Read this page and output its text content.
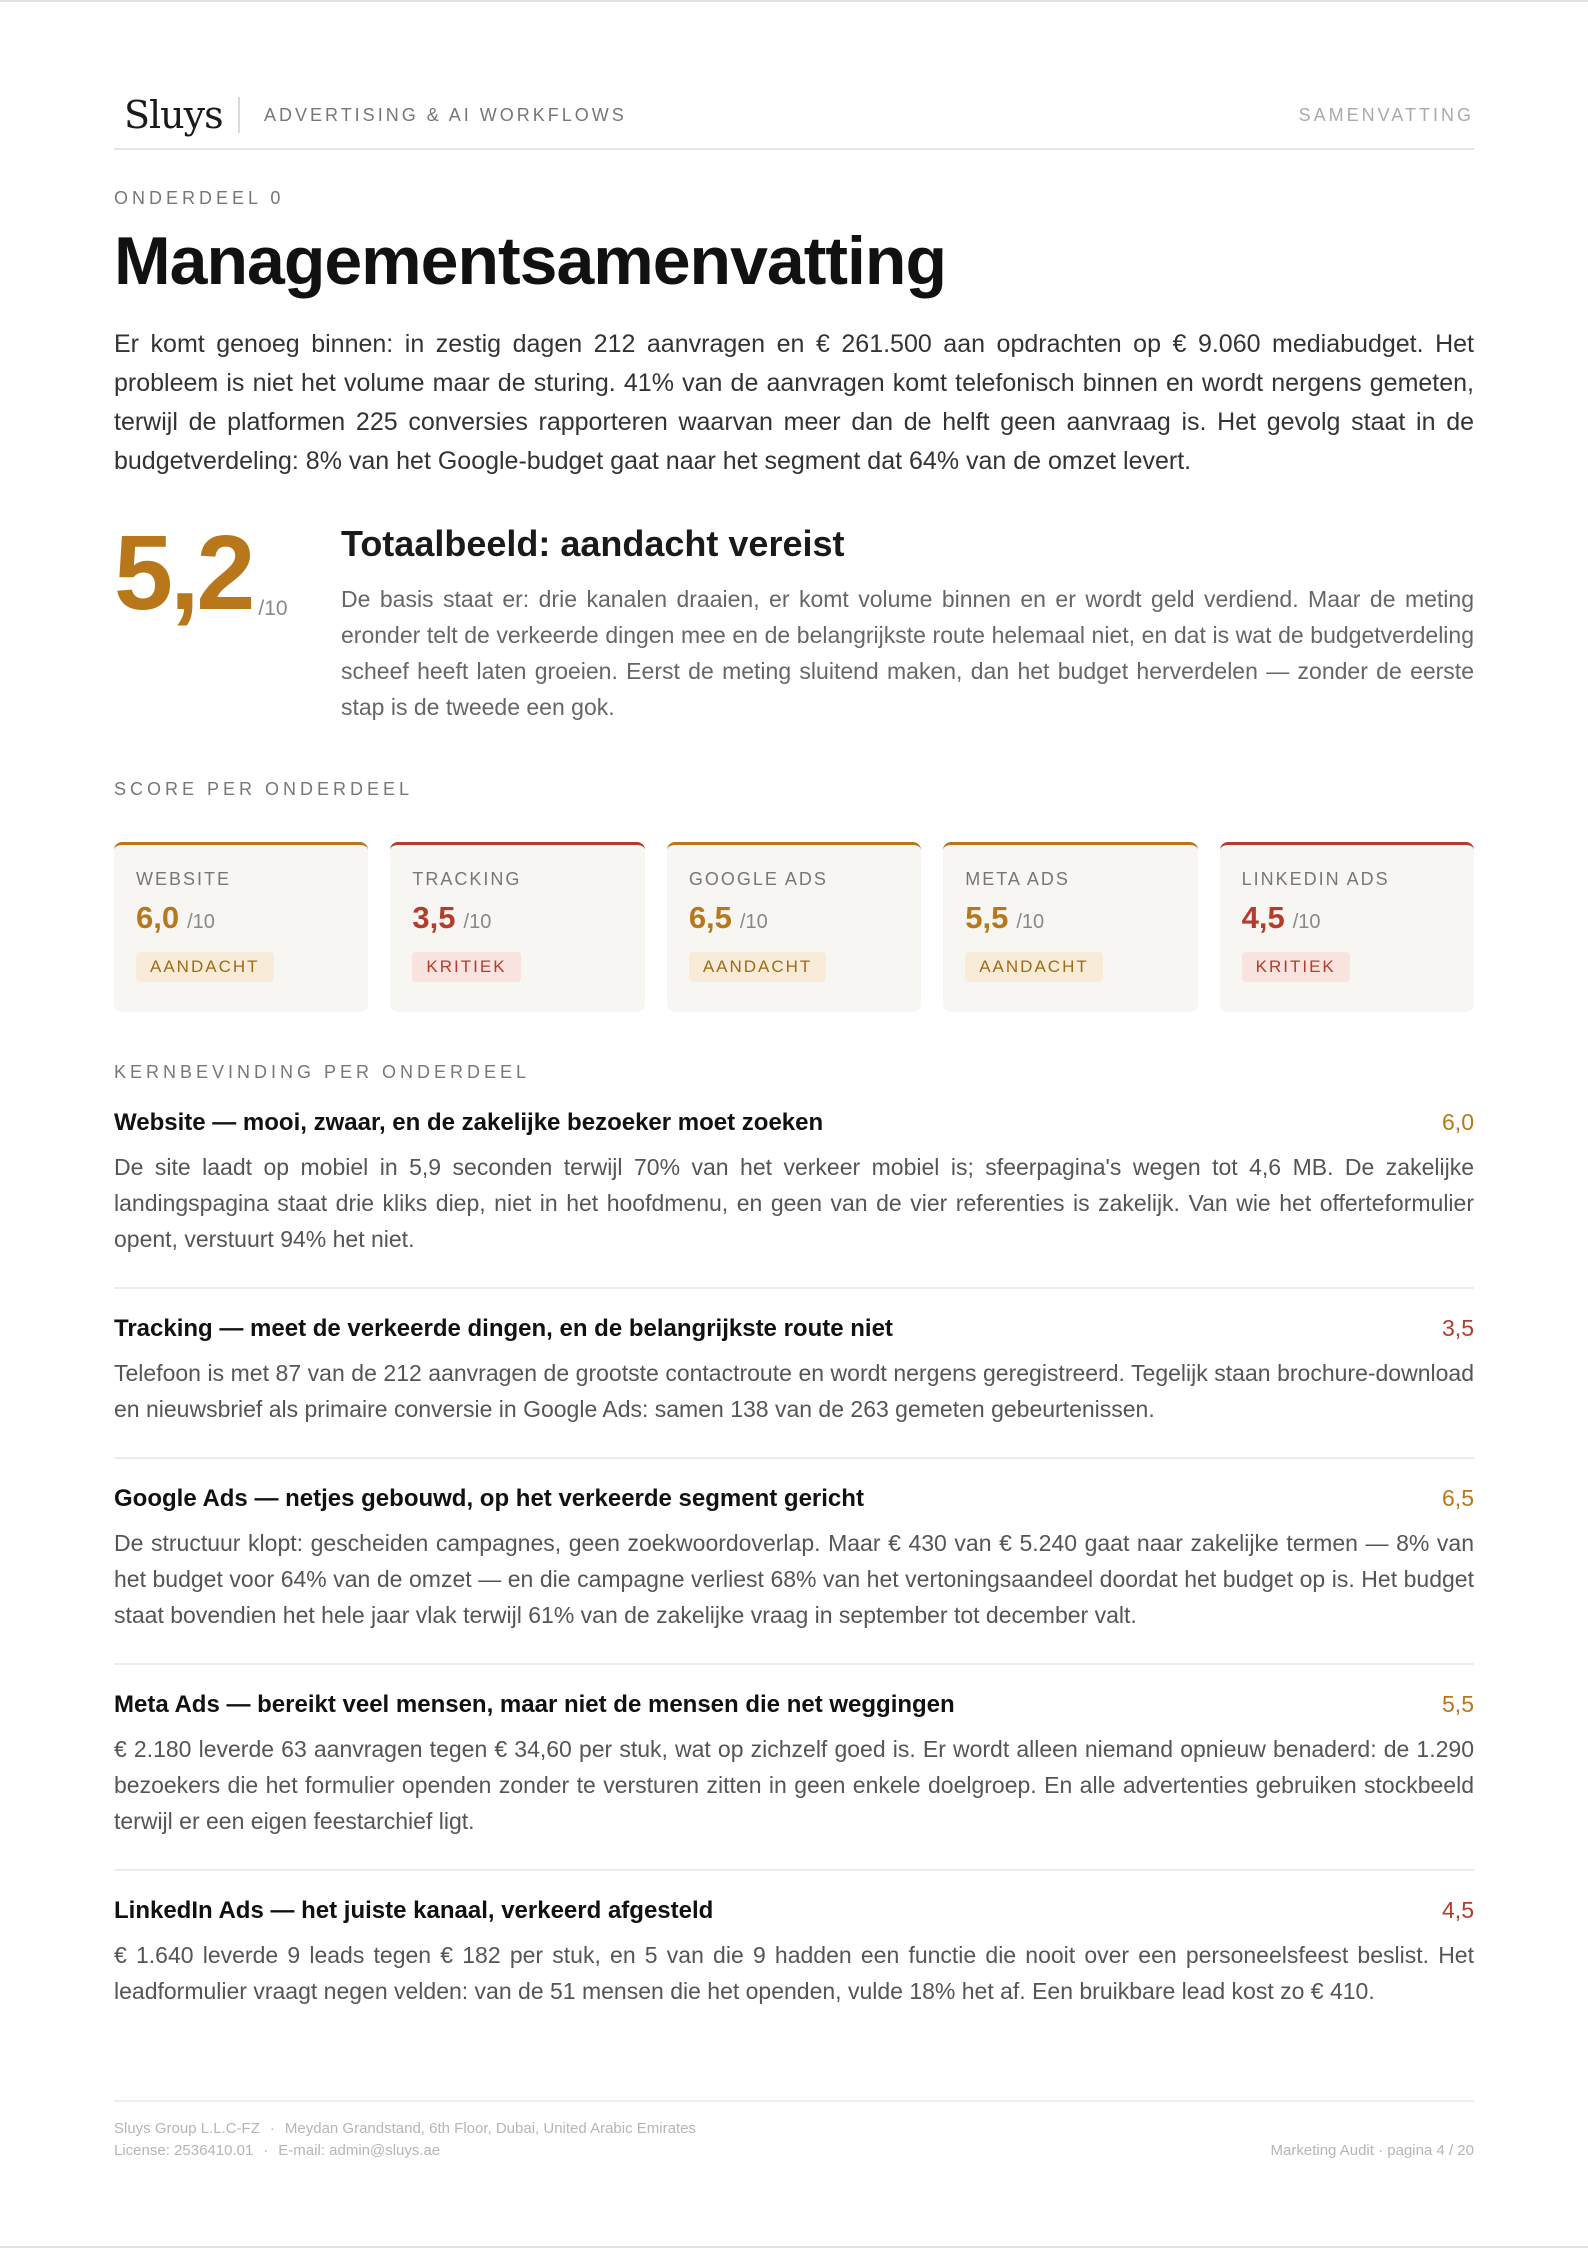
Sluys	ADVERTISING & AI WORKFLOWS	SAMENVATTING
ONDERDEEL 0
Managementsamenvatting

Er komt genoeg binnen: in zestig dagen 212 aanvragen en € 261.500 aan opdrachten op € 9.060 mediabudget. Het probleem is niet het volume maar de sturing. 41% van de aanvragen komt telefonisch binnen en wordt nergens gemeten, terwijl de platformen 225 conversies rapporteren waarvan meer dan de helft geen aanvraag is. Het gevolg staat in de budgetverdeling: 8% van het Google-budget gaat naar het segment dat 64% van de omzet levert.

5,2 /10
Totaalbeeld: aandacht vereist

De basis staat er: drie kanalen draaien, er komt volume binnen en er wordt geld verdiend. Maar de meting eronder telt de verkeerde dingen mee en de belangrijkste route helemaal niet, en dat is wat de budgetverdeling scheef heeft laten groeien. Eerst de meting sluitend maken, dan het budget herverdelen — zonder de eerste stap is de tweede een gok.

SCORE PER ONDERDEEL
WEBSITE
6,0 /10
AANDACHT
TRACKING
3,5 /10
KRITIEK
GOOGLE ADS
6,5 /10
AANDACHT
META ADS
5,5 /10
AANDACHT
LINKEDIN ADS
4,5 /10
KRITIEK
KERNBEVINDING PER ONDERDEEL
Website — mooi, zwaar, en de zakelijke bezoeker moet zoeken	6,0

De site laadt op mobiel in 5,9 seconden terwijl 70% van het verkeer mobiel is; sfeerpagina's wegen tot 4,6 MB. De zakelijke landingspagina staat drie kliks diep, niet in het hoofdmenu, en geen van de vier referenties is zakelijk. Van wie het offerteformulier opent, verstuurt 94% het niet.

Tracking — meet de verkeerde dingen, en de belangrijkste route niet	3,5

Telefoon is met 87 van de 212 aanvragen de grootste contactroute en wordt nergens geregistreerd. Tegelijk staan brochure-download en nieuwsbrief als primaire conversie in Google Ads: samen 138 van de 263 gemeten gebeurtenissen.

Google Ads — netjes gebouwd, op het verkeerde segment gericht	6,5

De structuur klopt: gescheiden campagnes, geen zoekwoordoverlap. Maar € 430 van € 5.240 gaat naar zakelijke termen — 8% van het budget voor 64% van de omzet — en die campagne verliest 68% van het vertoningsaandeel doordat het budget op is. Het budget staat bovendien het hele jaar vlak terwijl 61% van de zakelijke vraag in september tot december valt.

Meta Ads — bereikt veel mensen, maar niet de mensen die net weggingen	5,5

€ 2.180 leverde 63 aanvragen tegen € 34,60 per stuk, wat op zichzelf goed is. Er wordt alleen niemand opnieuw benaderd: de 1.290 bezoekers die het formulier openden zonder te versturen zitten in geen enkele doelgroep. En alle advertenties gebruiken stockbeeld terwijl er een eigen feestarchief ligt.

LinkedIn Ads — het juiste kanaal, verkeerd afgesteld	4,5

€ 1.640 leverde 9 leads tegen € 182 per stuk, en 5 van die 9 hadden een functie die nooit over een personeelsfeest beslist. Het leadformulier vraagt negen velden: van de 51 mensen die het openden, vulde 18% het af. Een bruikbare lead kost zo € 410.

Sluys Group L.L.C-FZ · Meydan Grandstand, 6th Floor, Dubai, United Arabic Emirates
License: 2536410.01 · E-mail: admin@sluys.ae	Marketing Audit · pagina 4 / 20
